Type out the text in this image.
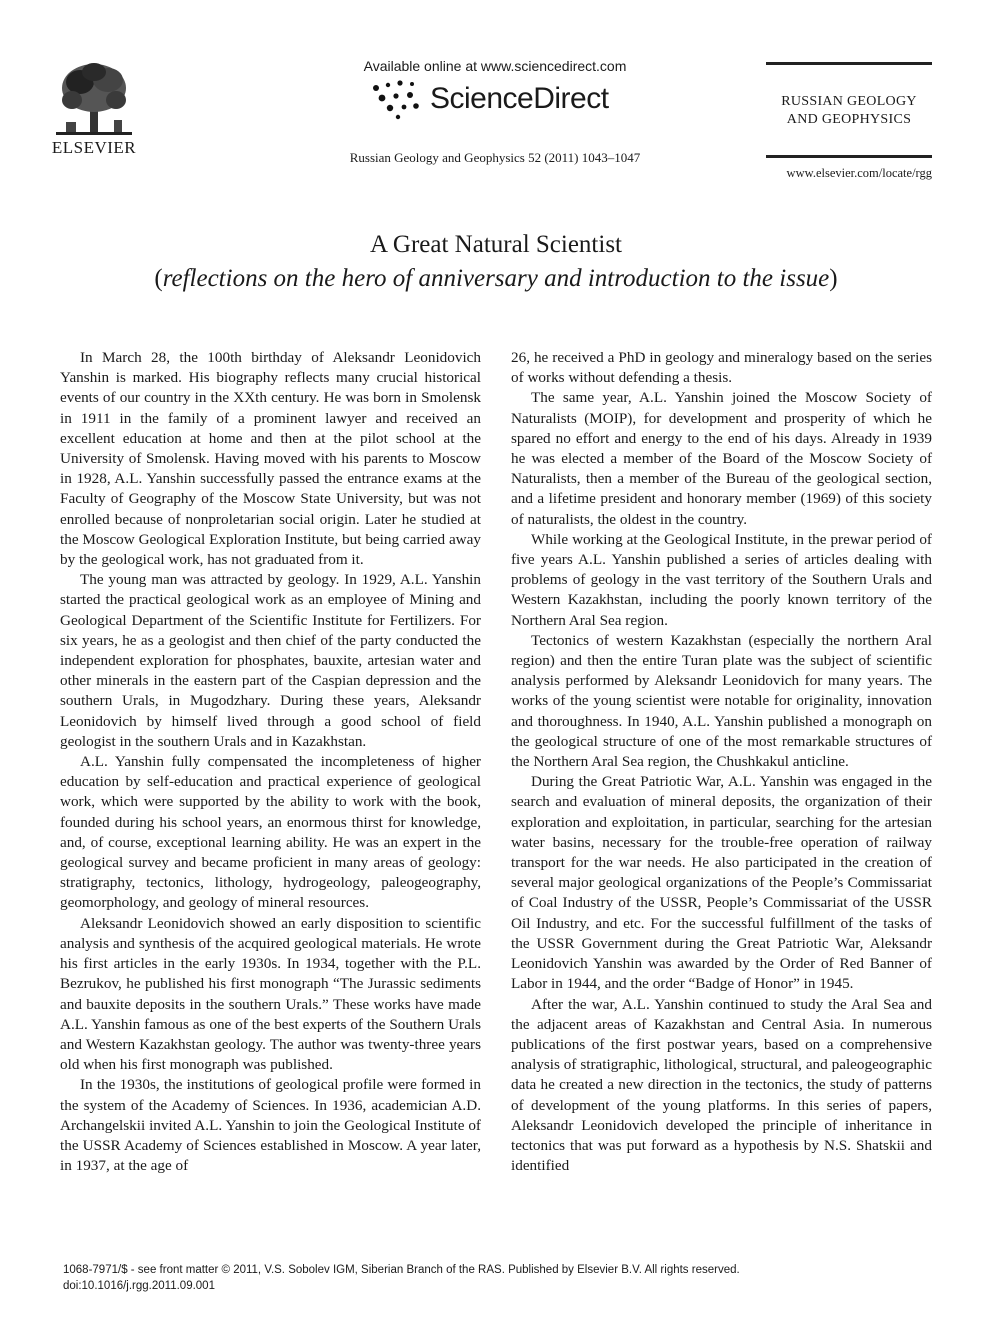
ELSEVIER
Available online at www.sciencedirect.com
ScienceDirect
Russian Geology and Geophysics 52 (2011) 1043–1047
RUSSIAN GEOLOGY AND GEOPHYSICS
www.elsevier.com/locate/rgg
A Great Natural Scientist
(reflections on the hero of anniversary and introduction to the issue)

In March 28, the 100th birthday of Aleksandr Leonidovich Yanshin is marked. His biography reflects many crucial historical events of our country in the XXth century. He was born in Smolensk in 1911 in the family of a prominent lawyer and received an excellent education at home and then at the pilot school at the University of Smolensk. Having moved with his parents to Moscow in 1928, A.L. Yanshin successfully passed the entrance exams at the Faculty of Geography of the Moscow State University, but was not enrolled because of nonproletarian social origin. Later he studied at the Moscow Geological Exploration Institute, but being carried away by the geological work, has not graduated from it.

The young man was attracted by geology. In 1929, A.L. Yanshin started the practical geological work as an employee of Mining and Geological Department of the Scientific Institute for Fertilizers. For six years, he as a geologist and then chief of the party conducted the independent exploration for phosphates, bauxite, artesian water and other minerals in the eastern part of the Caspian depression and the southern Urals, in Mugodzhary. During these years, Aleksandr Leonidovich by himself lived through a good school of field geologist in the southern Urals and in Kazakhstan.

A.L. Yanshin fully compensated the incompleteness of higher education by self-education and practical experience of geological work, which were supported by the ability to work with the book, founded during his school years, an enormous thirst for knowledge, and, of course, exceptional learning ability. He was an expert in the geological survey and became proficient in many areas of geology: stratigraphy, tectonics, lithology, hydrogeology, paleogeography, geomorphology, and geology of mineral resources.

Aleksandr Leonidovich showed an early disposition to scientific analysis and synthesis of the acquired geological materials. He wrote his first articles in the early 1930s. In 1934, together with the P.L. Bezrukov, he published his first monograph “The Jurassic sediments and bauxite deposits in the southern Urals.” These works have made A.L. Yanshin famous as one of the best experts of the Southern Urals and Western Kazakhstan geology. The author was twenty-three years old when his first monograph was published.

In the 1930s, the institutions of geological profile were formed in the system of the Academy of Sciences. In 1936, academician A.D. Archangelskii invited A.L. Yanshin to join the Geological Institute of the USSR Academy of Sciences established in Moscow. A year later, in 1937, at the age of

26, he received a PhD in geology and mineralogy based on the series of works without defending a thesis.

The same year, A.L. Yanshin joined the Moscow Society of Naturalists (MOIP), for development and prosperity of which he spared no effort and energy to the end of his days. Already in 1939 he was elected a member of the Board of the Moscow Society of Naturalists, then a member of the Bureau of the geological section, and a lifetime president and honorary member (1969) of this society of naturalists, the oldest in the country.

While working at the Geological Institute, in the prewar period of five years A.L. Yanshin published a series of articles dealing with problems of geology in the vast territory of the Southern Urals and Western Kazakhstan, including the poorly known territory of the Northern Aral Sea region.

Tectonics of western Kazakhstan (especially the northern Aral region) and then the entire Turan plate was the subject of scientific analysis performed by Aleksandr Leonidovich for many years. The works of the young scientist were notable for originality, innovation and thoroughness. In 1940, A.L. Yanshin published a monograph on the geological structure of one of the most remarkable structures of the Northern Aral Sea region, the Chushkakul anticline.

During the Great Patriotic War, A.L. Yanshin was engaged in the search and evaluation of mineral deposits, the organization of their exploration and exploitation, in particular, searching for the artesian water basins, necessary for the trouble-free operation of railway transport for the war needs. He also participated in the creation of several major geological organizations of the People’s Commissariat of Coal Industry of the USSR, People’s Commissariat of the USSR Oil Industry, and etc. For the successful fulfillment of the tasks of the USSR Government during the Great Patriotic War, Aleksandr Leonidovich Yanshin was awarded by the Order of Red Banner of Labor in 1944, and the order “Badge of Honor” in 1945.

After the war, A.L. Yanshin continued to study the Aral Sea and the adjacent areas of Kazakhstan and Central Asia. In numerous publications of the first postwar years, based on a comprehensive analysis of stratigraphic, lithological, structural, and paleogeographic data he created a new direction in the tectonics, the study of patterns of development of the young platforms. In this series of papers, Aleksandr Leonidovich developed the principle of inheritance in tectonics that was put forward as a hypothesis by N.S. Shatskii and identified

1068-7971/$ - see front matter © 2011, V.S. Sobolev IGM, Siberian Branch of the RAS. Published by Elsevier B.V. All rights reserved.
doi:10.1016/j.rgg.2011.09.001
